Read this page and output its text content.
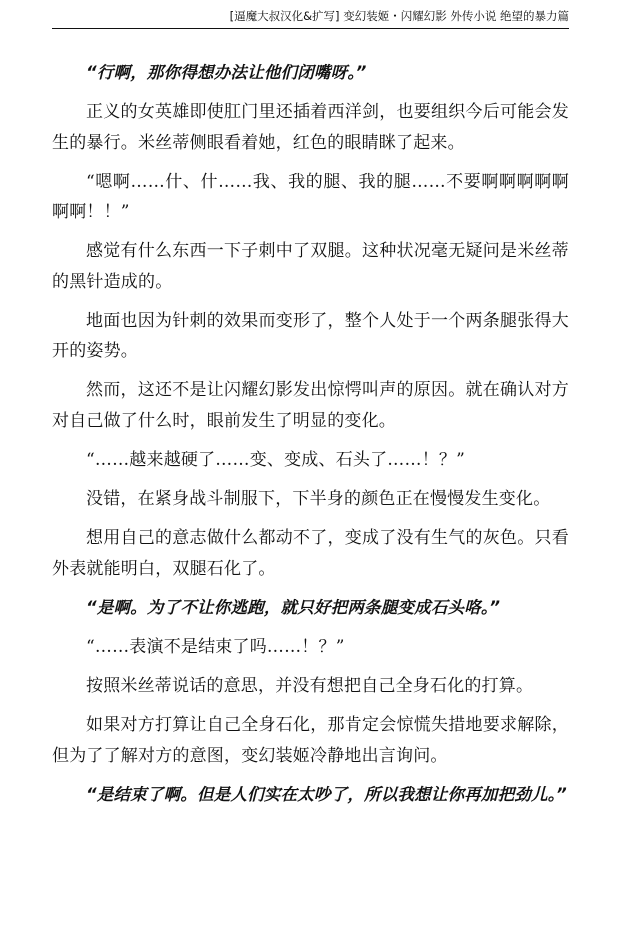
[逼魔大叔汉化&扩写] 变幻装姬・闪耀幻影 外传小说 绝望的暴力篇

“行啊，那你得想办法让他们闭嘴呀。”

正义的女英雄即使肛门里还插着西洋剑，也要组织今后可能会发生的暴行。米丝蒂侧眼看着她，红色的眼睛眯了起来。

“嗯啊……什、什……我、我的腿、我的腿……不要啊啊啊啊啊啊啊！！”

感觉有什么东西一下子刺中了双腿。这种状况毫无疑问是米丝蒂的黑针造成的。

地面也因为针刺的效果而变形了，整个人处于一个两条腿张得大开的姿势。

然而，这还不是让闪耀幻影发出惊愕叫声的原因。就在确认对方对自己做了什么时，眼前发生了明显的变化。

“……越来越硬了……变、变成、石头了……！？”

没错，在紧身战斗制服下，下半身的颜色正在慢慢发生变化。

想用自己的意志做什么都动不了，变成了没有生气的灰色。只看外表就能明白，双腿石化了。

“是啊。为了不让你逃跑，就只好把两条腿变成石头咯。”

“……表演不是结束了吗……！？”

按照米丝蒂说话的意思，并没有想把自己全身石化的打算。

如果对方打算让自己全身石化，那肯定会惊慌失措地要求解除，但为了了解对方的意图，变幻装姬冷静地出言询问。

“是结束了啊。但是人们实在太吵了，所以我想让你再加把劲儿。”
